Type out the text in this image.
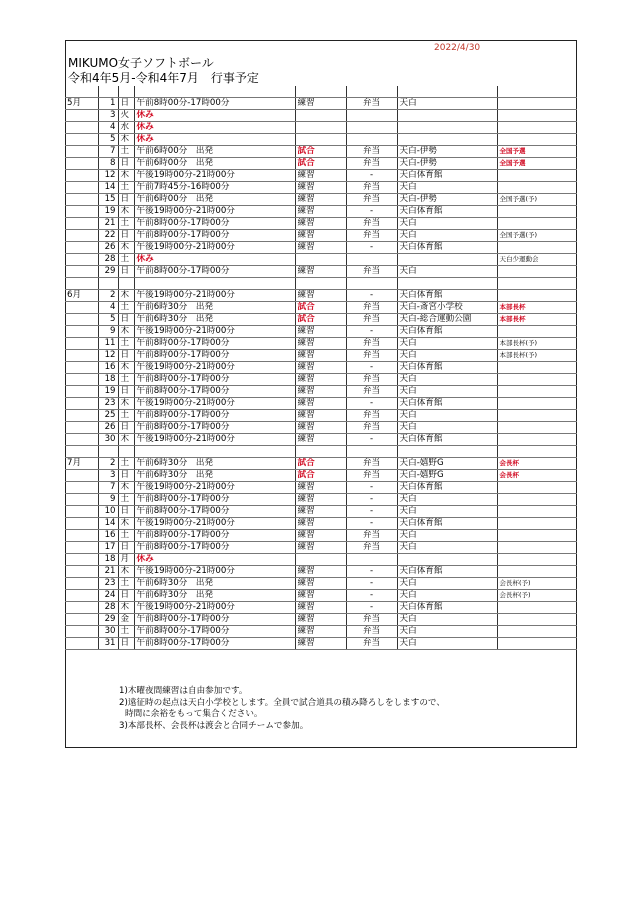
2022/4/30
MIKUMO女子ソフトボール
令和4年5月-令和4年7月　行事予定

5月	1	日	午前8時00分-17時00分	練習	弁当	天白	
	3	火	休み				
	4	水	休み				
	5	木	休み				
	7	土	午前6時00分　出発	試合	弁当	天白-伊勢	全国予選
	8	日	午前6時00分　出発	試合	弁当	天白-伊勢	全国予選
	12	木	午後19時00分-21時00分	練習	-	天白体育館	
	14	土	午前7時45分-16時00分	練習	弁当	天白	
	15	日	午前6時00分　出発	練習	弁当	天白-伊勢	全国予選(予)
	19	木	午後19時00分-21時00分	練習	-	天白体育館	
	21	土	午前8時00分-17時00分	練習	弁当	天白	
	22	日	午前8時00分-17時00分	練習	弁当	天白	全国予選(予)
	26	木	午後19時00分-21時00分	練習	-	天白体育館	
	28	土	休み				天白少運動会
	29	日	午前8時00分-17時00分	練習	弁当	天白	

6月	2	木	午後19時00分-21時00分	練習	-	天白体育館	
	4	土	午前6時30分　出発	試合	弁当	天白-斎宮小学校	本部長杯
	5	日	午前6時30分　出発	試合	弁当	天白-総合運動公園	本部長杯
	9	木	午後19時00分-21時00分	練習	-	天白体育館	
	11	土	午前8時00分-17時00分	練習	弁当	天白	本部長杯(予)
	12	日	午前8時00分-17時00分	練習	弁当	天白	本部長杯(予)
	16	木	午後19時00分-21時00分	練習	-	天白体育館	
	18	土	午前8時00分-17時00分	練習	弁当	天白	
	19	日	午前8時00分-17時00分	練習	弁当	天白	
	23	木	午後19時00分-21時00分	練習	-	天白体育館	
	25	土	午前8時00分-17時00分	練習	弁当	天白	
	26	日	午前8時00分-17時00分	練習	弁当	天白	
	30	木	午後19時00分-21時00分	練習	-	天白体育館	

7月	2	土	午前6時30分　出発	試合	弁当	天白-嬉野G	会長杯
	3	日	午前6時30分　出発	試合	弁当	天白-嬉野G	会長杯
	7	木	午後19時00分-21時00分	練習	-	天白体育館	
	9	土	午前8時00分-17時00分	練習	-	天白	
	10	日	午前8時00分-17時00分	練習	-	天白	
	14	木	午後19時00分-21時00分	練習	-	天白体育館	
	16	土	午前8時00分-17時00分	練習	弁当	天白	
	17	日	午前8時00分-17時00分	練習	弁当	天白	
	18	月	休み				
	21	木	午後19時00分-21時00分	練習	-	天白体育館	
	23	土	午前6時30分　出発	練習	-	天白	会長杯(予)
	24	日	午前6時30分　出発	練習	-	天白	会長杯(予)
	28	木	午後19時00分-21時00分	練習	-	天白体育館	
	29	金	午前8時00分-17時00分	練習	弁当	天白	
	30	土	午前8時00分-17時00分	練習	弁当	天白	
	31	日	午前8時00分-17時00分	練習	弁当	天白	
1)木曜夜間練習は自由参加です。
2)遠征時の起点は天白小学校とします。全員で試合道具の積み降ろしをしますので、
時間に余裕をもって集合ください。
3)本部長杯、会長杯は渡会と合同チームで参加。
